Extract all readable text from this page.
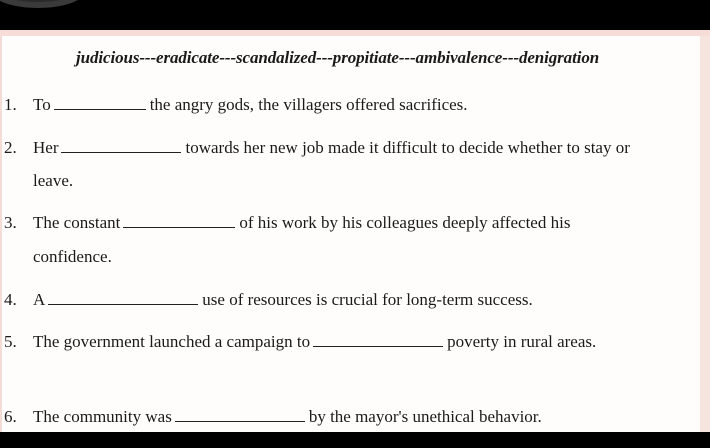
judicious---eradicate---scandalized---propitiate---ambivalence---denigration
1. To	the angry gods, the villagers offered sacrifices.
2. Her	towards her new job made it difficult to decide whether to stay or
leave.
3. The constant	of his work by his colleagues deeply affected his
confidence.
4. A	use of resources is crucial for long-term success.
5. The government launched a campaign to	poverty in rural areas.
6. The community was	by the mayor's unethical behavior.
